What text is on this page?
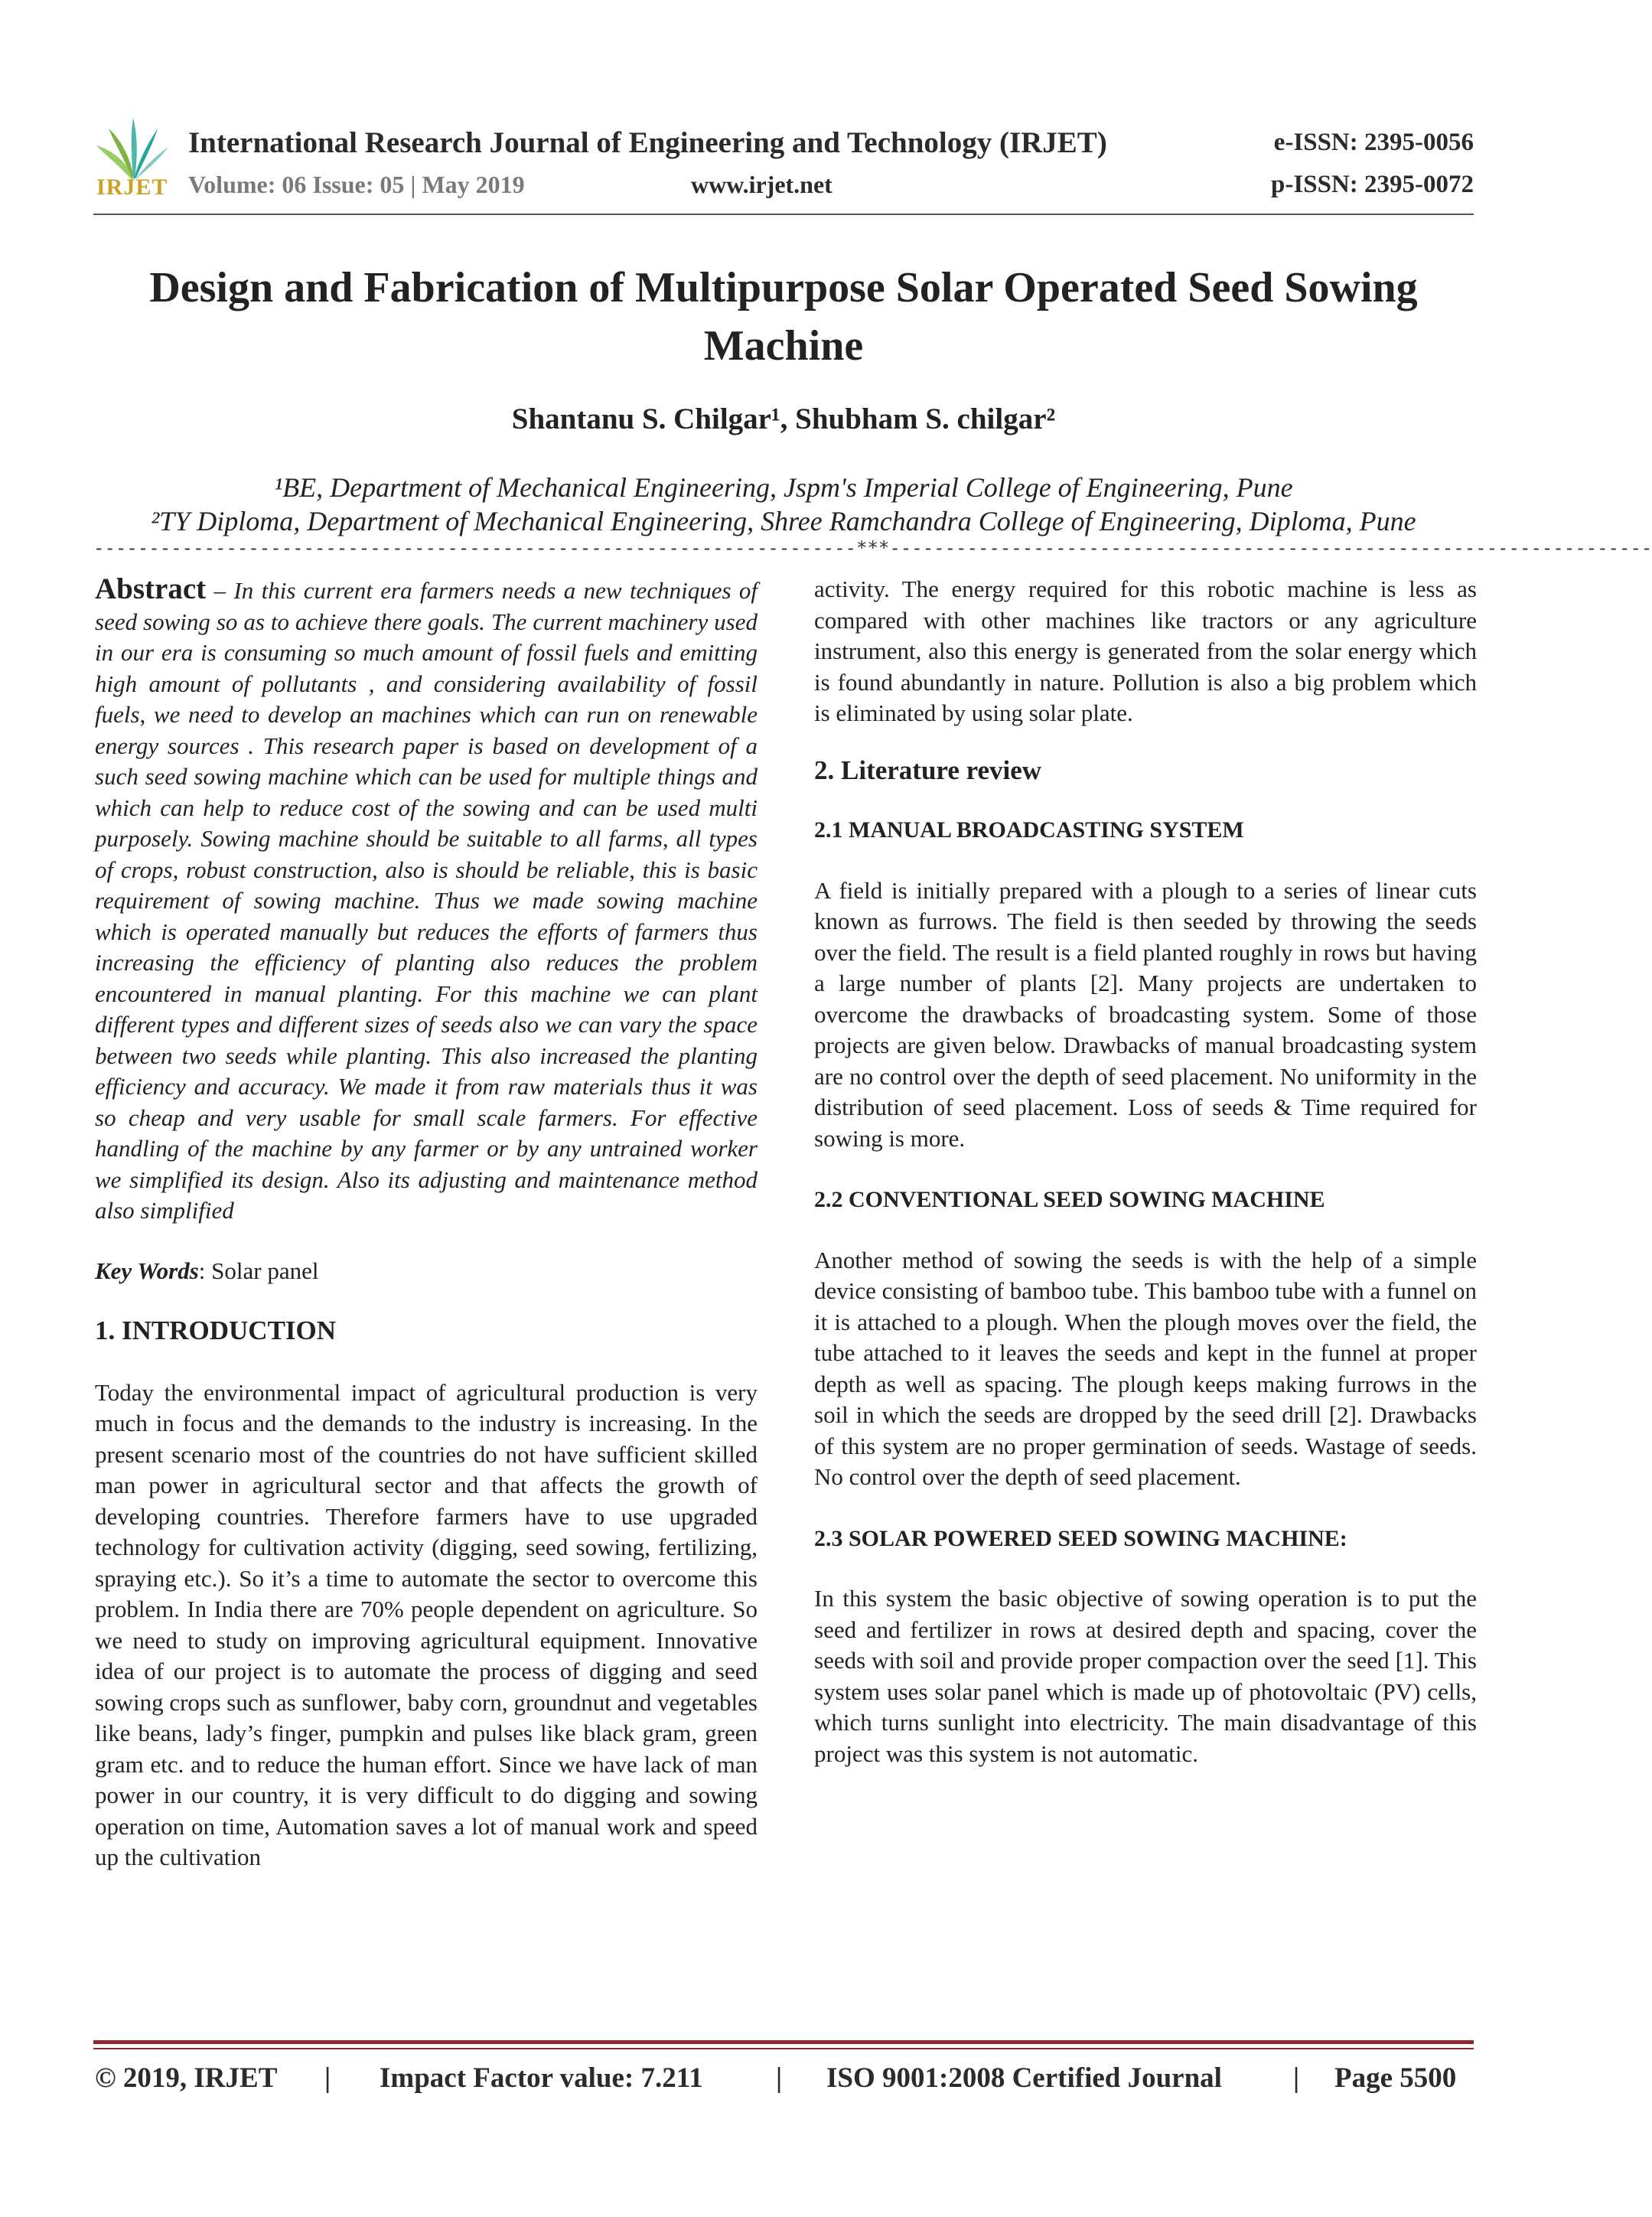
IRJET
International Research Journal of Engineering and Technology (IRJET)	e-ISSN: 2395-0056
Volume: 06 Issue: 05 | May 2019	www.irjet.net	p-ISSN: 2395-0072
Design and Fabrication of Multipurpose Solar Operated Seed Sowing Machine
Shantanu S. Chilgar¹, Shubham S. chilgar²
¹BE, Department of Mechanical Engineering, Jspm's Imperial College of Engineering, Pune
²TY Diploma, Department of Mechanical Engineering, Shree Ramchandra College of Engineering, Diploma, Pune
---------------------------------------------------------------------***---------------------------------------------------------------------

Abstract – In this current era farmers needs a new techniques of seed sowing so as to achieve there goals. The current machinery used in our era is consuming so much amount of fossil fuels and emitting high amount of pollutants , and considering availability of fossil fuels, we need to develop an machines which can run on renewable energy sources . This research paper is based on development of a such seed sowing machine which can be used for multiple things and which can help to reduce cost of the sowing and can be used multi purposely. Sowing machine should be suitable to all farms, all types of crops, robust construction, also is should be reliable, this is basic requirement of sowing machine. Thus we made sowing machine which is operated manually but reduces the efforts of farmers thus increasing the efficiency of planting also reduces the problem encountered in manual planting. For this machine we can plant different types and different sizes of seeds also we can vary the space between two seeds while planting. This also increased the planting efficiency and accuracy. We made it from raw materials thus it was so cheap and very usable for small scale farmers. For effective handling of the machine by any farmer or by any untrained worker we simplified its design. Also its adjusting and maintenance method also simplified

Key Words: Solar panel

1. INTRODUCTION

Today the environmental impact of agricultural production is very much in focus and the demands to the industry is increasing. In the present scenario most of the countries do not have sufficient skilled man power in agricultural sector and that affects the growth of developing countries. Therefore farmers have to use upgraded technology for cultivation activity (digging, seed sowing, fertilizing, spraying etc.). So it’s a time to automate the sector to overcome this problem. In India there are 70% people dependent on agriculture. So we need to study on improving agricultural equipment. Innovative idea of our project is to automate the process of digging and seed sowing crops such as sunflower, baby corn, groundnut and vegetables like beans, lady’s finger, pumpkin and pulses like black gram, green gram etc. and to reduce the human effort. Since we have lack of man power in our country, it is very difficult to do digging and sowing operation on time, Automation saves a lot of manual work and speed up the cultivation

activity. The energy required for this robotic machine is less as compared with other machines like tractors or any agriculture instrument, also this energy is generated from the solar energy which is found abundantly in nature. Pollution is also a big problem which is eliminated by using solar plate.

2. Literature review
2.1 MANUAL BROADCASTING SYSTEM

A field is initially prepared with a plough to a series of linear cuts known as furrows. The field is then seeded by throwing the seeds over the field. The result is a field planted roughly in rows but having a large number of plants [2]. Many projects are undertaken to overcome the drawbacks of broadcasting system. Some of those projects are given below. Drawbacks of manual broadcasting system are no control over the depth of seed placement. No uniformity in the distribution of seed placement. Loss of seeds & Time required for sowing is more.

2.2 CONVENTIONAL SEED SOWING MACHINE

Another method of sowing the seeds is with the help of a simple device consisting of bamboo tube. This bamboo tube with a funnel on it is attached to a plough. When the plough moves over the field, the tube attached to it leaves the seeds and kept in the funnel at proper depth as well as spacing. The plough keeps making furrows in the soil in which the seeds are dropped by the seed drill [2]. Drawbacks of this system are no proper germination of seeds. Wastage of seeds. No control over the depth of seed placement.

2.3 SOLAR POWERED SEED SOWING MACHINE:

In this system the basic objective of sowing operation is to put the seed and fertilizer in rows at desired depth and spacing, cover the seeds with soil and provide proper compaction over the seed [1]. This system uses solar panel which is made up of photovoltaic (PV) cells, which turns sunlight into electricity. The main disadvantage of this project was this system is not automatic.

© 2019, IRJET | Impact Factor value: 7.211	| ISO 9001:2008 Certified Journal	| Page 5500
